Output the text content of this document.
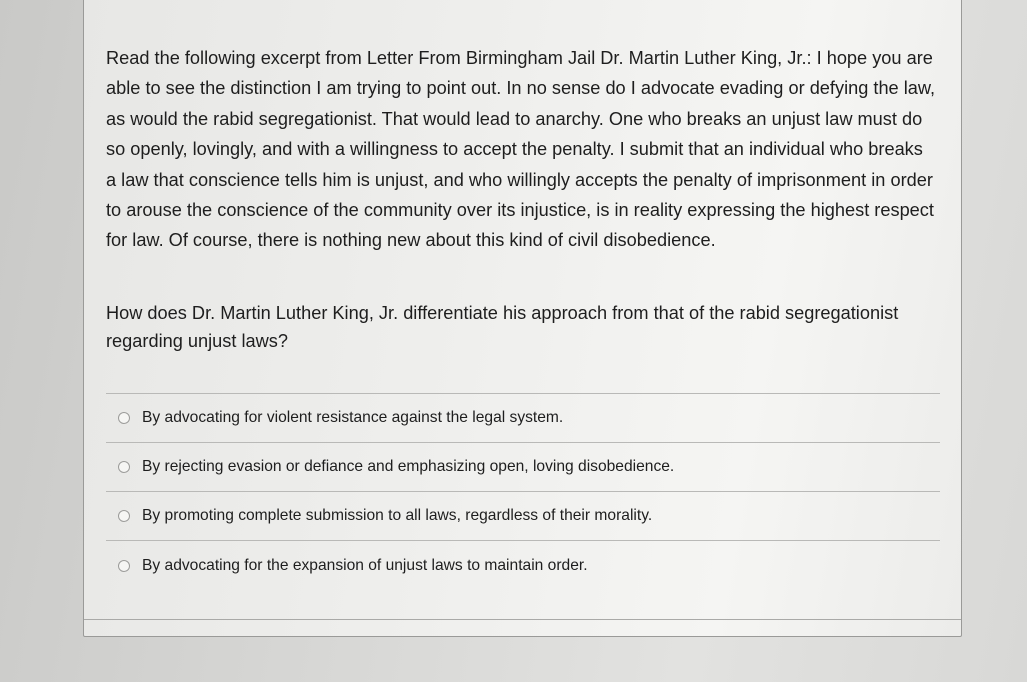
Read the following excerpt from Letter From Birmingham Jail Dr. Martin Luther King, Jr.: I hope you are able to see the distinction I am trying to point out. In no sense do I advocate evading or defying the law, as would the rabid segregationist. That would lead to anarchy. One who breaks an unjust law must do so openly, lovingly, and with a willingness to accept the penalty. I submit that an individual who breaks a law that conscience tells him is unjust, and who willingly accepts the penalty of imprisonment in order to arouse the conscience of the community over its injustice, is in reality expressing the highest respect for law. Of course, there is nothing new about this kind of civil disobedience.

How does Dr. Martin Luther King, Jr. differentiate his approach from that of the rabid segregationist regarding unjust laws?

By advocating for violent resistance against the legal system.
By rejecting evasion or defiance and emphasizing open, loving disobedience.
By promoting complete submission to all laws, regardless of their morality.
By advocating for the expansion of unjust laws to maintain order.
